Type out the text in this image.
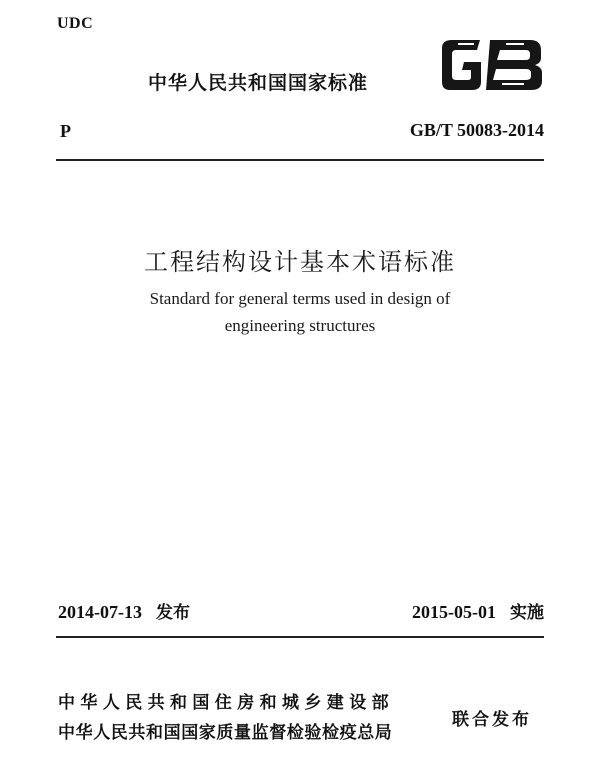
UDC
中华人民共和国国家标准
P	GB/T 50083-2014
工程结构设计基本术语标准
Standard for general terms used in design of
engineering structures
2014-07-13 发布	2015-05-01 实施
中华人民共和国住房和城乡建设部
中华人民共和国国家质量监督检验检疫总局
联合发布
